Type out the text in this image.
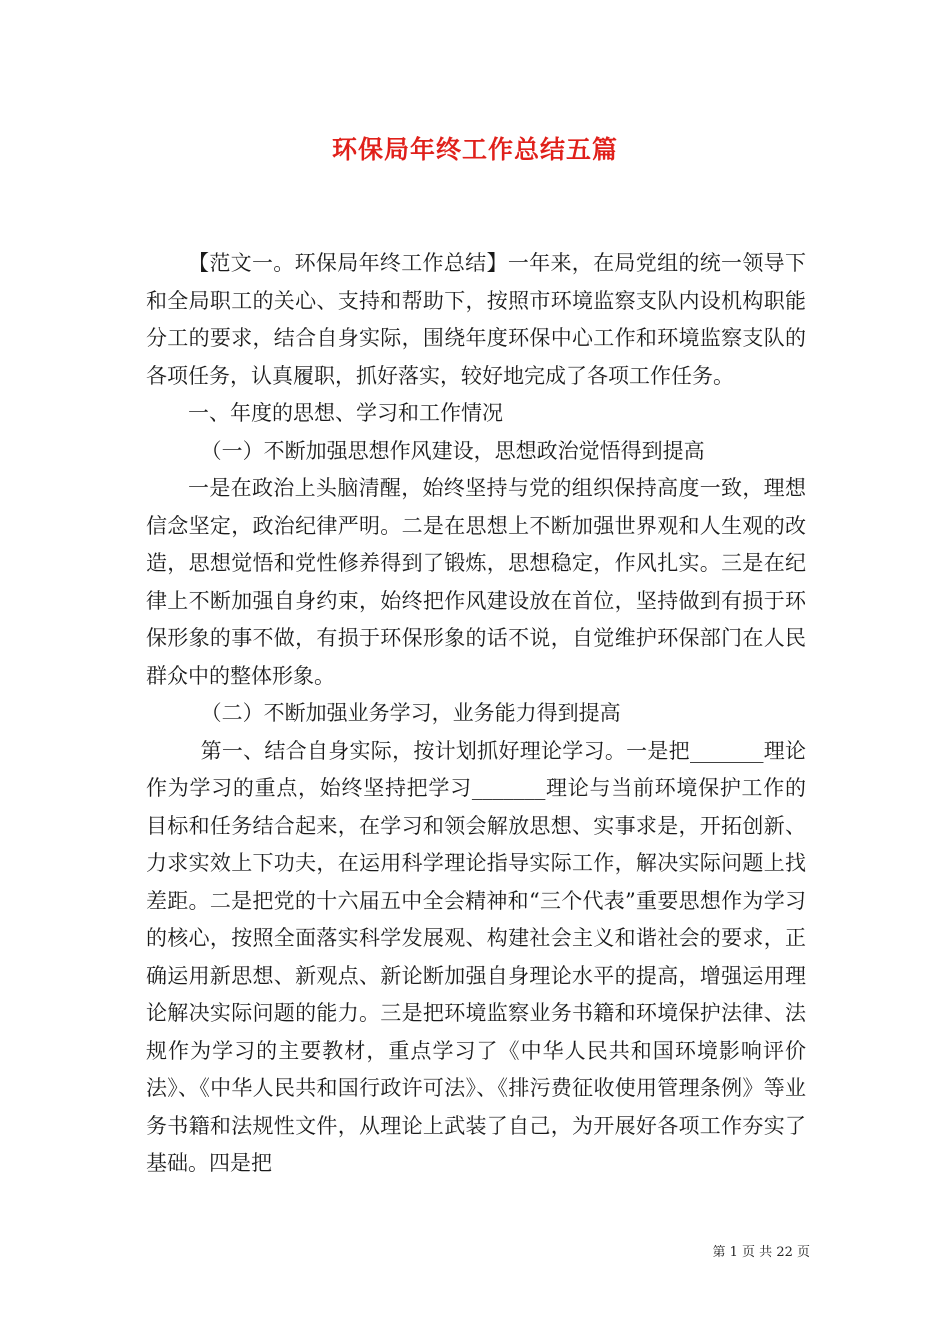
环保局年终工作总结五篇

【范文一。环保局年终工作总结】一年来，在局党组的统一领导下和全局职工的关心、支持和帮助下，按照市环境监察支队内设机构职能分工的要求，结合自身实际，围绕年度环保中心工作和环境监察支队的各项任务，认真履职，抓好落实，较好地完成了各项工作任务。

一、年度的思想、学习和工作情况

（一）不断加强思想作风建设，思想政治觉悟得到提高

一是在政治上头脑清醒，始终坚持与党的组织保持高度一致，理想信念坚定，政治纪律严明。二是在思想上不断加强世界观和人生观的改造，思想觉悟和党性修养得到了锻炼，思想稳定，作风扎实。三是在纪律上不断加强自身约束，始终把作风建设放在首位，坚持做到有损于环保形象的事不做，有损于环保形象的话不说，自觉维护环保部门在人民群众中的整体形象。

（二）不断加强业务学习，业务能力得到提高

第一、结合自身实际，按计划抓好理论学习。一是把_______理论作为学习的重点，始终坚持把学习_______理论与当前环境保护工作的目标和任务结合起来，在学习和领会解放思想、实事求是，开拓创新、力求实效上下功夫，在运用科学理论指导实际工作，解决实际问题上找差距。二是把党的十六届五中全会精神和“三个代表”重要思想作为学习的核心，按照全面落实科学发展观、构建社会主义和谐社会的要求，正确运用新思想、新观点、新论断加强自身理论水平的提高，增强运用理论解决实际问题的能力。三是把环境监察业务书籍和环境保护法律、法规作为学习的主要教材，重点学习了《中华人民共和国环境影响评价法》、《中华人民共和国行政许可法》、《排污费征收使用管理条例》等业务书籍和法规性文件，从理论上武装了自己，为开展好各项工作夯实了基础。四是把

第 1 页 共 22 页
